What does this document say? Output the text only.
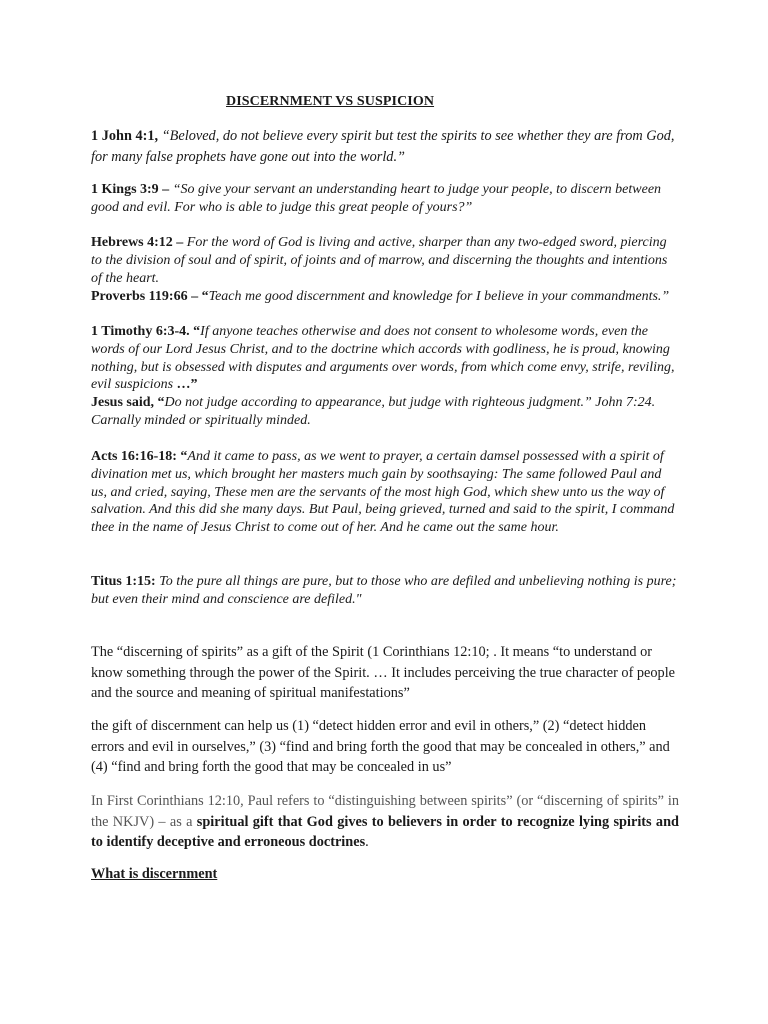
DISCERNMENT VS SUSPICION
1 John 4:1, “Beloved, do not believe every spirit but test the spirits to see whether they are from God, for many false prophets have gone out into the world.”
1 Kings 3:9 – “So give your servant an understanding heart to judge your people, to discern between good and evil. For who is able to judge this great people of yours?”
Hebrews 4:12 – For the word of God is living and active, sharper than any two-edged sword, piercing to the division of soul and of spirit, of joints and of marrow, and discerning the thoughts and intentions of the heart.
Proverbs 119:66 – “Teach me good discernment and knowledge for I believe in your commandments.”
1 Timothy 6:3-4. “If anyone teaches otherwise and does not consent to wholesome words, even the words of our Lord Jesus Christ, and to the doctrine which accords with godliness, he is proud, knowing nothing, but is obsessed with disputes and arguments over words, from which come envy, strife, reviling, evil suspicions …”
Jesus said, “Do not judge according to appearance, but judge with righteous judgment.” John 7:24. Carnally minded or spiritually minded.
Acts 16:16-18: “And it came to pass, as we went to prayer, a certain damsel possessed with a spirit of divination met us, which brought her masters much gain by soothsaying: The same followed Paul and us, and cried, saying, These men are the servants of the most high God, which shew unto us the way of salvation. And this did she many days. But Paul, being grieved, turned and said to the spirit, I command thee in the name of Jesus Christ to come out of her. And he came out the same hour.
Titus 1:15: To the pure all things are pure, but to those who are defiled and unbelieving nothing is pure; but even their mind and conscience are defiled."
The “discerning of spirits” as a gift of the Spirit (1 Corinthians 12:10; . It means “to understand or know something through the power of the Spirit. … It includes perceiving the true character of people and the source and meaning of spiritual manifestations”
the gift of discernment can help us (1) “detect hidden error and evil in others,” (2) “detect hidden errors and evil in ourselves,” (3) “find and bring forth the good that may be concealed in others,” and (4) “find and bring forth the good that may be concealed in us”
In First Corinthians 12:10, Paul refers to “distinguishing between spirits” (or “discerning of spirits” in the NKJV) – as a spiritual gift that God gives to believers in order to recognize lying spirits and to identify deceptive and erroneous doctrines.
What is discernment
